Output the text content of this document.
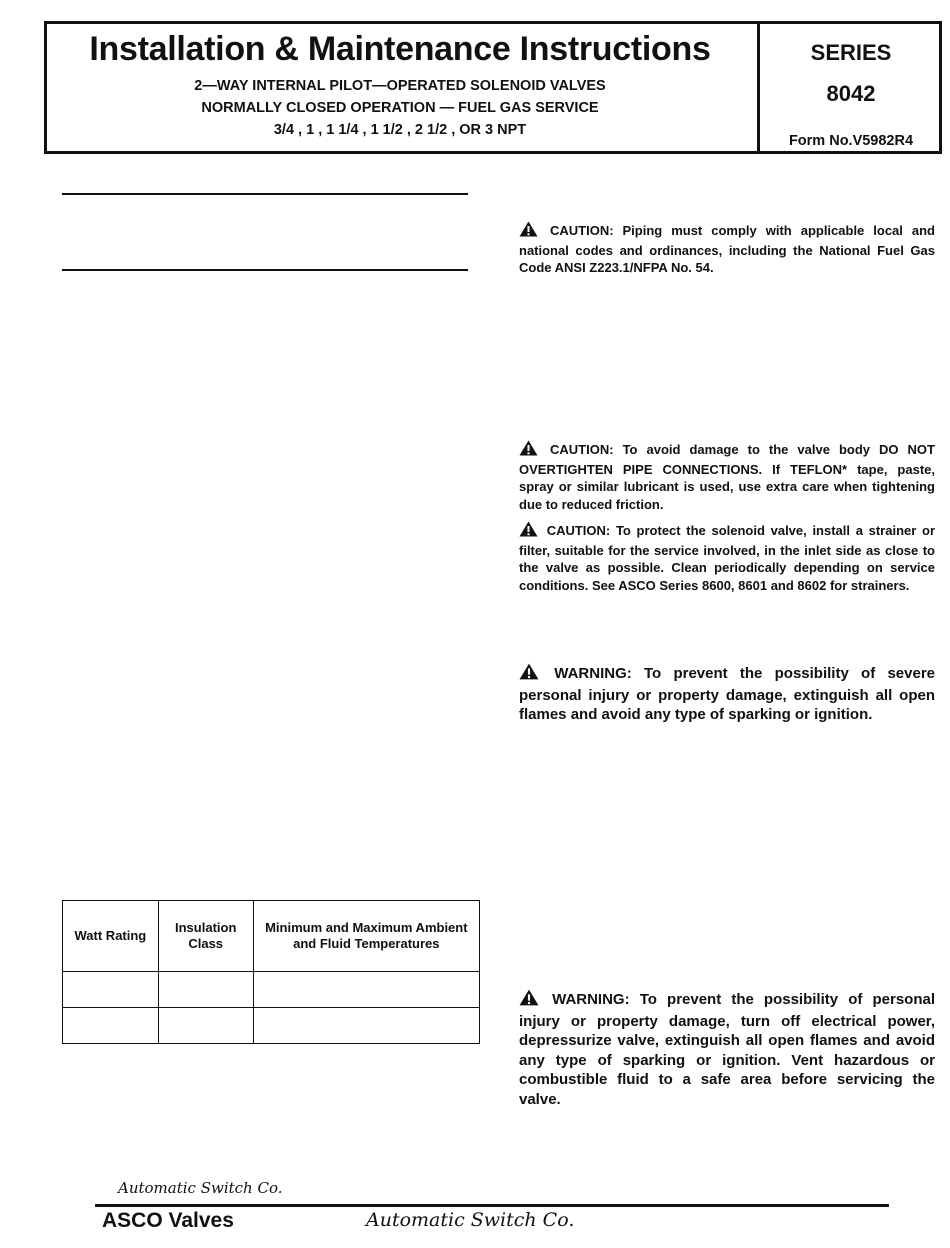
Installation & Maintenance Instructions
2—WAY INTERNAL PILOT—OPERATED SOLENOID VALVES
NORMALLY CLOSED OPERATION — FUEL GAS SERVICE
3/4 , 1 , 1 1/4 , 1 1/2 , 2 1/2 , OR 3 NPT
SERIES
8042
Form No.V5982R4
CAUTION: Piping must comply with applicable local and national codes and ordinances, including the National Fuel Gas Code ANSI Z223.1/NFPA No. 54.
CAUTION: To avoid damage to the valve body DO NOT OVERTIGHTEN PIPE CONNECTIONS. If TEFLON* tape, paste, spray or similar lubricant is used, use extra care when tightening due to reduced friction.
CAUTION: To protect the solenoid valve, install a strainer or filter, suitable for the service involved, in the inlet side as close to the valve as possible. Clean periodically depending on service conditions. See ASCO Series 8600, 8601 and 8602 for strainers.
WARNING: To prevent the possibility of severe personal injury or property damage, extinguish all open flames and avoid any type of sparking or ignition.
WARNING: To prevent the possibility of personal injury or property damage, turn off electrical power, depressurize valve, extinguish all open flames and avoid any type of sparking or ignition. Vent hazardous or combustible fluid to a safe area before servicing the valve.
Watt Rating	Insulation Class	Minimum and Maximum Ambient and Fluid Temperatures

Automatic Switch Co.
ASCO Valves	Automatic Switch Co.
